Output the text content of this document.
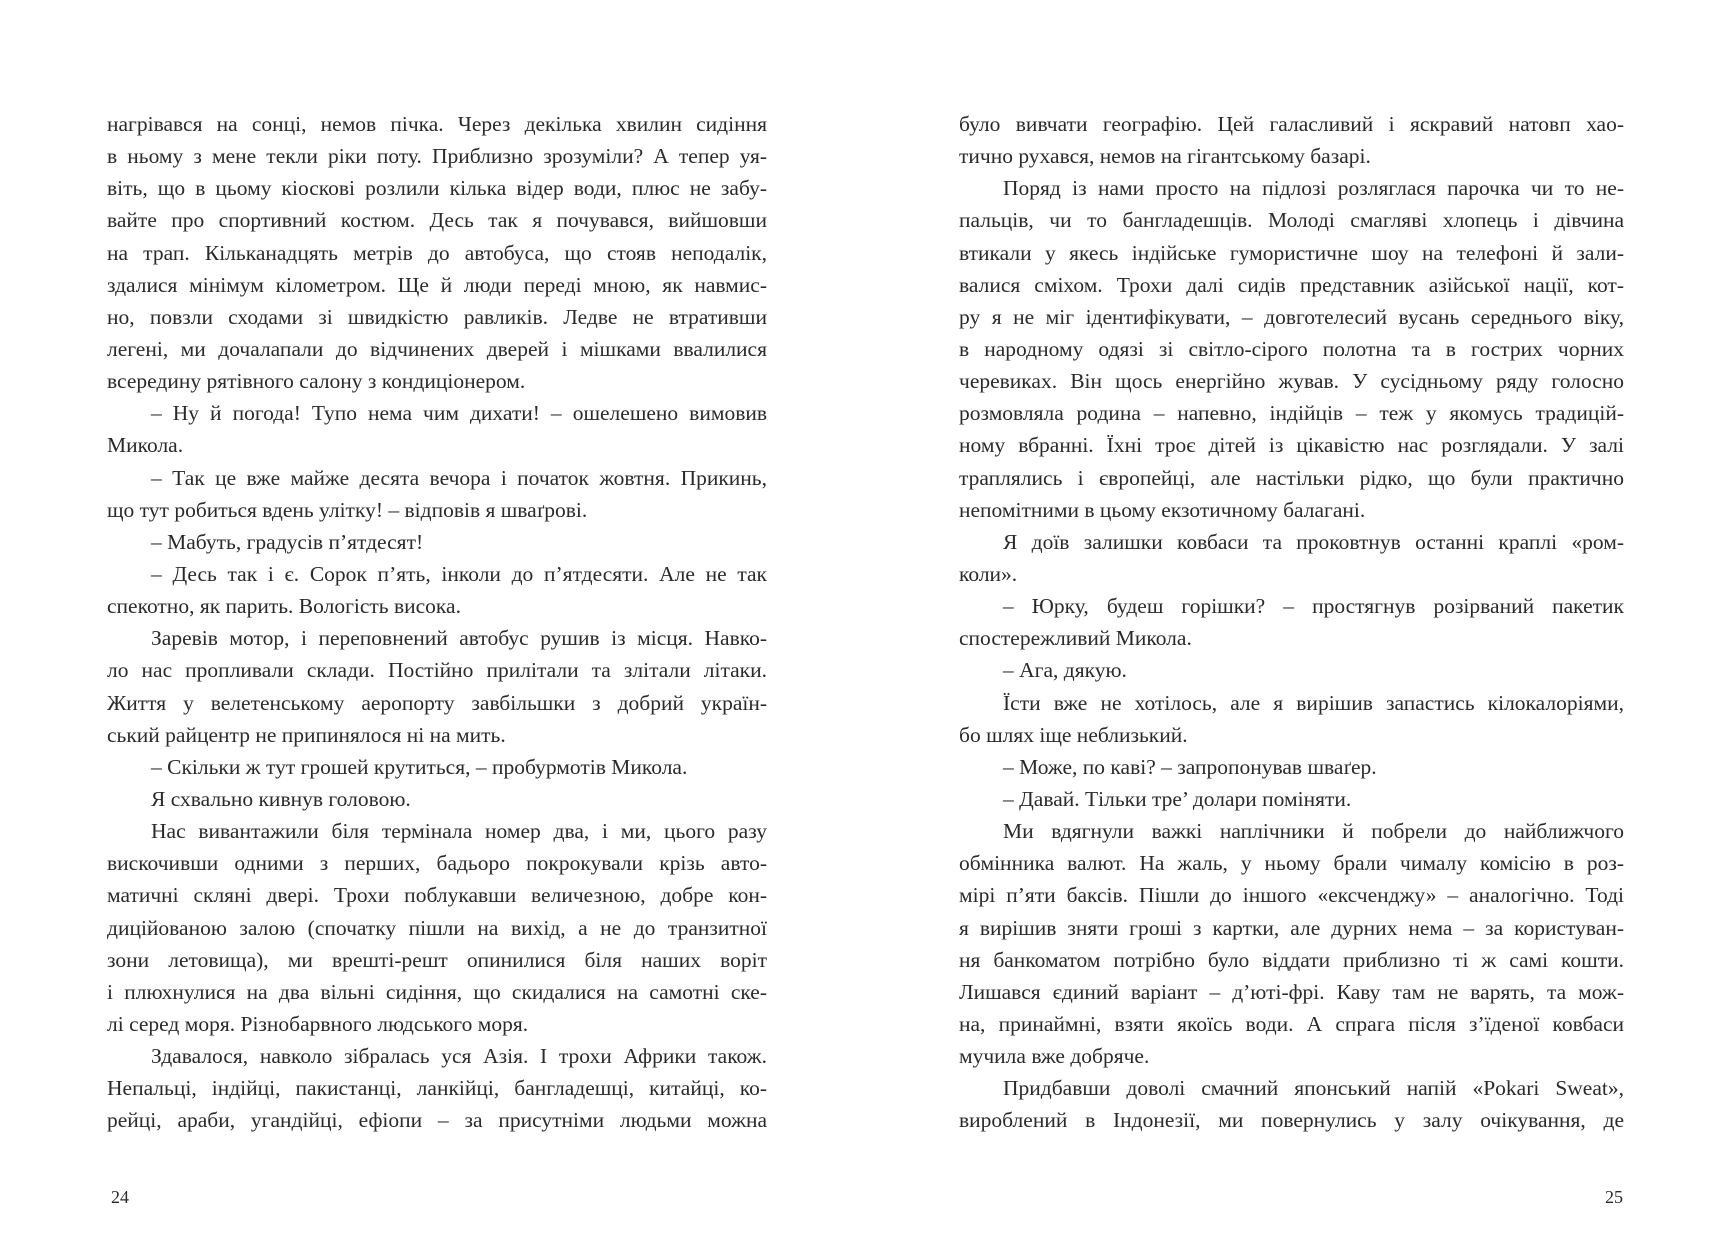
нагрівався на сонці, немов пічка. Через декілька хвилин сидіння
в ньому з мене текли ріки поту. Приблизно зрозуміли? А тепер уя-
віть, що в цьому кіоскові розлили кілька відер води, плюс не забу-
вайте про спортивний костюм. Десь так я почувався, вийшовши
на трап. Кільканадцять метрів до автобуса, що стояв неподалік,
здалися мінімум кілометром. Ще й люди переді мною, як навмис-
но, повзли сходами зі швидкістю равликів. Ледве не втративши
легені, ми дочалапали до відчинених дверей і мішками ввалилися
всередину рятівного салону з кондиціонером.
– Ну й погода! Тупо нема чим дихати! – ошелешено вимовив
Микола.
– Так це вже майже десята вечора і початок жовтня. Прикинь,
що тут робиться вдень улітку! – відповів я шваґрові.
– Мабуть, градусів п’ятдесят!
– Десь так і є. Сорок п’ять, інколи до п’ятдесяти. Але не так
спекотно, як парить. Вологість висока.
Заревів мотор, і переповнений автобус рушив із місця. Навко-
ло нас пропливали склади. Постійно прилітали та злітали літаки.
Життя у велетенському аеропорту завбільшки з добрий україн-
ський райцентр не припинялося ні на мить.
– Скільки ж тут грошей крутиться, – пробурмотів Микола.
Я схвально кивнув головою.
Нас вивантажили біля термінала номер два, і ми, цього разу
вискочивши одними з перших, бадьоро покрокували крізь авто-
матичні скляні двері. Трохи поблукавши величезною, добре кон-
диційованою залою (спочатку пішли на вихід, а не до транзитної
зони летовища), ми врешті-решт опинилися біля наших воріт
і плюхнулися на два вільні сидіння, що скидалися на самотні ске-
лі серед моря. Різнобарвного людського моря.
Здавалося, навколо зібралась уся Азія. І трохи Африки також.
Непальці, індійці, пакистанці, ланкійці, бангладешці, китайці, ко-
рейці, араби, угандійці, ефіопи – за присутніми людьми можна
24
було вивчати географію. Цей галасливий і яскравий натовп хао-
тично рухався, немов на гігантському базарі.
Поряд із нами просто на підлозі розляглася парочка чи то не-
пальців, чи то бангладешців. Молоді смагляві хлопець і дівчина
втикали у якесь індійське гумористичне шоу на телефоні й зали-
валися сміхом. Трохи далі сидів представник азійської нації, кот-
ру я не міг ідентифікувати, – довготелесий вусань середнього віку,
в народному одязі зі світло-сірого полотна та в гострих чорних
черевиках. Він щось енергійно жував. У сусідньому ряду голосно
розмовляла родина – напевно, індійців – теж у якомусь традицій-
ному вбранні. Їхні троє дітей із цікавістю нас розглядали. У залі
траплялись і європейці, але настільки рідко, що були практично
непомітними в цьому екзотичному балагані.
Я доїв залишки ковбаси та проковтнув останні краплі «ром-
коли».
– Юрку, будеш горішки? – простягнув розірваний пакетик
спостережливий Микола.
– Ага, дякую.
Їсти вже не хотілось, але я вирішив запастись кілокалоріями,
бо шлях іще неблизький.
– Може, по каві? – запропонував шваґер.
– Давай. Тільки тре’ долари поміняти.
Ми вдягнули важкі наплічники й побрели до найближчого
обмінника валют. На жаль, у ньому брали чималу комісію в роз-
мірі п’яти баксів. Пішли до іншого «ексченджу» – аналогічно. Тоді
я вирішив зняти гроші з картки, але дурних нема – за користуван-
ня банкоматом потрібно було віддати приблизно ті ж самі кошти.
Лишався єдиний варіант – д’юті-фрі. Каву там не варять, та мож-
на, принаймні, взяти якоїсь води. А спрага після з’їденої ковбаси
мучила вже добряче.
Придбавши доволі смачний японський напій «Pokari Sweat»,
вироблений в Індонезії, ми повернулись у залу очікування, де
25
